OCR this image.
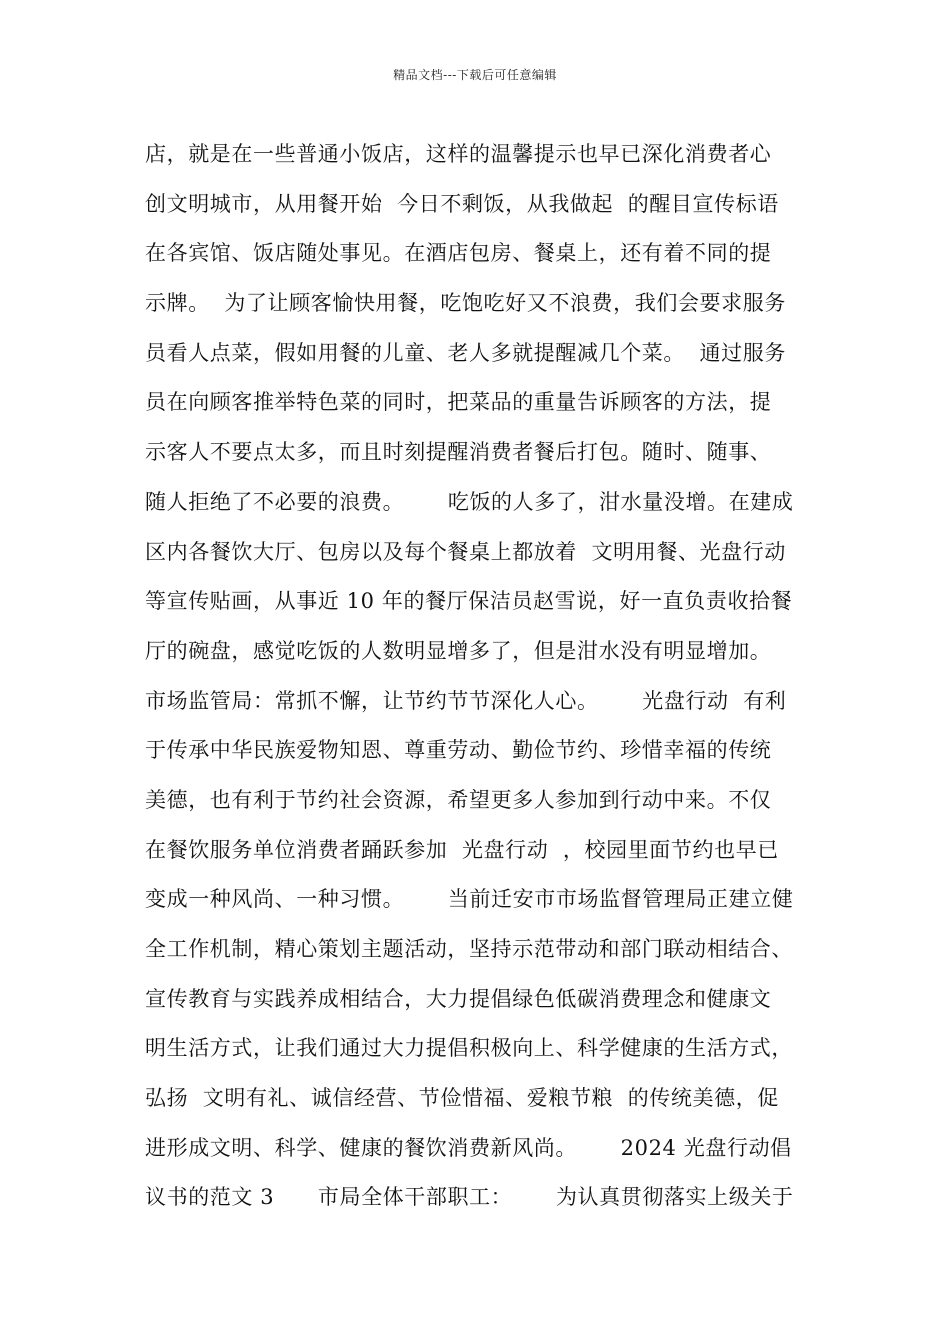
精品文档---下载后可任意编辑
店，就是在一些普通小饭店，这样的温馨提示也早已深化消费者心
创文明城市，从用餐开始  今日不剩饭，从我做起  的醒目宣传标语
在各宾馆、饭店随处事见。在酒店包房、餐桌上，还有着不同的提
示牌。  为了让顾客愉快用餐，吃饱吃好又不浪费，我们会要求服务
员看人点菜，假如用餐的儿童、老人多就提醒减几个菜。  通过服务
员在向顾客推举特色菜的同时，把菜品的重量告诉顾客的方法，提
示客人不要点太多，而且时刻提醒消费者餐后打包。随时、随事、
随人拒绝了不必要的浪费。      吃饭的人多了，泔水量没增。在建成
区内各餐饮大厅、包房以及每个餐桌上都放着  文明用餐、光盘行动
等宣传贴画，从事近 10 年的餐厅保洁员赵雪说，好一直负责收拾餐
厅的碗盘，感觉吃饭的人数明显增多了，但是泔水没有明显增加。
市场监管局：常抓不懈，让节约节节深化人心。      光盘行动  有利
于传承中华民族爱物知恩、尊重劳动、勤俭节约、珍惜幸福的传统
美德，也有利于节约社会资源，希望更多人参加到行动中来。不仅
在餐饮服务单位消费者踊跃参加  光盘行动  ，校园里面节约也早已
变成一种风尚、一种习惯。      当前迁安市市场监督管理局正建立健
全工作机制，精心策划主题活动，坚持示范带动和部门联动相结合、
宣传教育与实践养成相结合，大力提倡绿色低碳消费理念和健康文
明生活方式，让我们通过大力提倡积极向上、科学健康的生活方式，
弘扬  文明有礼、诚信经营、节俭惜福、爱粮节粮  的传统美德，促
进形成文明、科学、健康的餐饮消费新风尚。      2024 光盘行动倡
议书的范文 3      市局全体干部职工：      为认真贯彻落实上级关于
